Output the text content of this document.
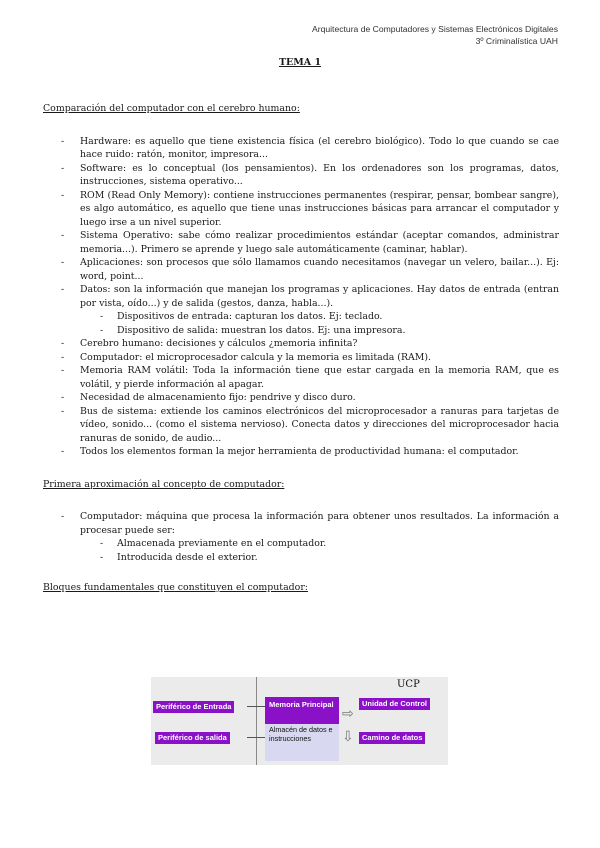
Arquitectura de Computadores y Sistemas Electrónicos Digitales
3º Criminalística UAH
TEMA 1
Comparación del computador con el cerebro humano:
- Hardware: es aquello que tiene existencia física (el cerebro biológico). Todo lo que cuando se cae hace ruido: ratón, monitor, impresora...
- Software: es lo conceptual (los pensamientos). En los ordenadores son los programas, datos, instrucciones, sistema operativo...
- ROM (Read Only Memory): contiene instrucciones permanentes (respirar, pensar, bombear sangre), es algo automático, es aquello que tiene unas instrucciones básicas para arrancar el computador y luego irse a un nivel superior.
- Sistema Operativo: sabe cómo realizar procedimientos estándar (aceptar comandos, administrar memoria...). Primero se aprende y luego sale automáticamente (caminar, hablar).
- Aplicaciones: son procesos que sólo llamamos cuando necesitamos (navegar un velero, bailar...). Ej: word, point...
- Datos: son la información que manejan los programas y aplicaciones. Hay datos de entrada (entran por vista, oído...) y de salida (gestos, danza, habla...).
- Dispositivos de entrada: capturan los datos. Ej: teclado.
- Dispositivo de salida: muestran los datos. Ej: una impresora.
- Cerebro humano: decisiones y cálculos ¿memoria infinita?
- Computador: el microprocesador calcula y la memoria es limitada (RAM).
- Memoria RAM volátil: Toda la información tiene que estar cargada en la memoria RAM, que es volátil, y pierde información al apagar.
- Necesidad de almacenamiento fijo: pendrive y disco duro.
- Bus de sistema: extiende los caminos electrónicos del microprocesador a ranuras para tarjetas de vídeo, sonido... (como el sistema nervioso). Conecta datos y direcciones del microprocesador hacia ranuras de sonido, de audio...
- Todos los elementos forman la mejor herramienta de productividad humana: el computador.
Primera aproximación al concepto de computador:
- Computador: máquina que procesa la información para obtener unos resultados. La información a procesar puede ser:
- Almacenada previamente en el computador.
- Introducida desde el exterior.
Bloques fundamentales que constituyen el computador:
UCP
Periférico de Entrada
Periférico de salida
Memoria Principal
Almacén de datos e instrucciones
⇨
⇩
Unidad de Control
Camino de datos
